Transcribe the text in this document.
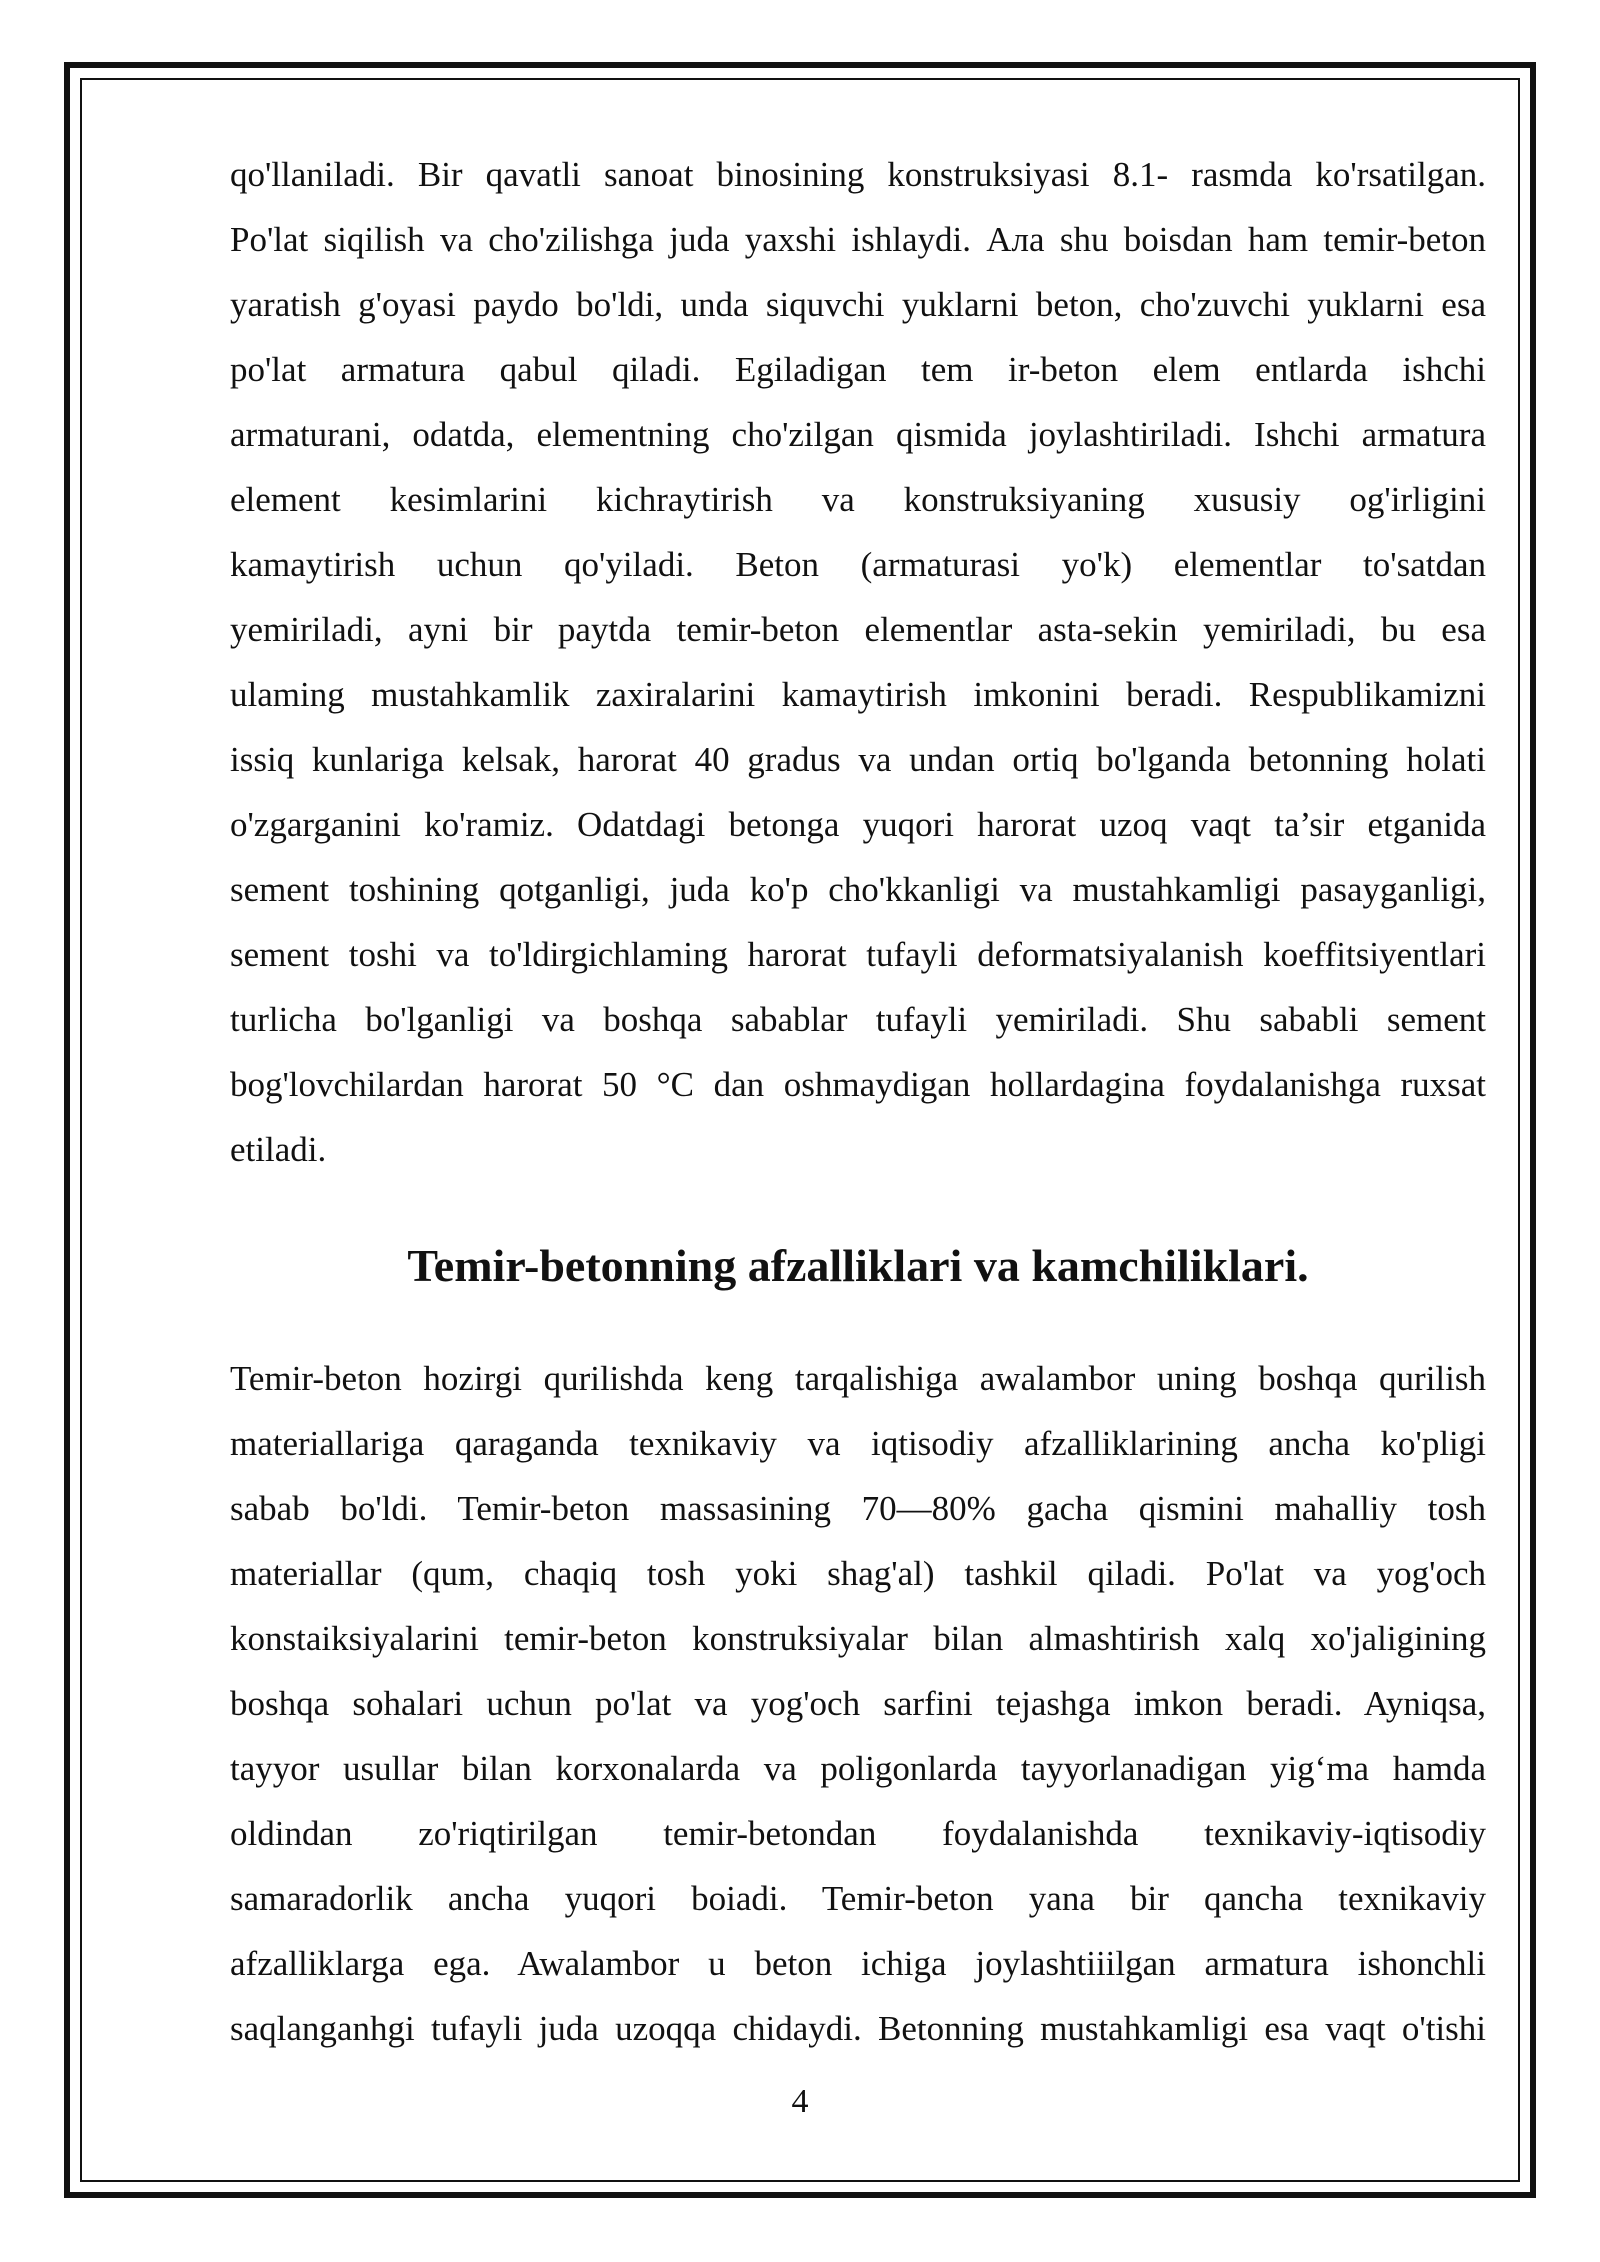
qo'llaniladi. Bir qavatli sanoat binosining konstruksiyasi 8.1- rasmda ko'rsatilgan.
Po'lat siqilish va cho'zilishga juda yaxshi ishlaydi. Ала shu boisdan ham temir-beton
yaratish g'oyasi paydo bo'ldi, unda siquvchi yuklarni beton, cho'zuvchi yuklarni esa
po'lat armatura qabul qiladi. Egiladigan tem ir-beton elem entlarda ishchi
armaturani, odatda, elementning cho'zilgan qismida joylashtiriladi. Ishchi armatura
element kesimlarini kichraytirish va konstruksiyaning xususiy og'irligini
kamaytirish uchun qo'yiladi. Beton (armaturasi yo'k) elementlar to'satdan
yemiriladi, ayni bir paytda temir-beton elementlar asta-sekin yemiriladi, bu esa
ulaming mustahkamlik zaxiralarini kamaytirish imkonini beradi. Respublikamizni
issiq kunlariga kelsak, harorat 40 gradus va undan ortiq bo'lganda betonning holati
o'zgarganini ko'ramiz. Odatdagi betonga yuqori harorat uzoq vaqt ta’sir etganida
sement toshining qotganligi, juda ko'p cho'kkanligi va mustahkamligi pasayganligi,
sement toshi va to'ldirgichlaming harorat tufayli deformatsiyalanish koeffitsiyentlari
turlicha bo'lganligi va boshqa sabablar tufayli yemiriladi. Shu sababli sement
bog'lovchilardan harorat 50 °C dan oshmaydigan hollardagina foydalanishga ruxsat
etiladi.
Temir-betonning afzalliklari va kamchiliklari.
Temir-beton hozirgi qurilishda keng tarqalishiga awalambor uning boshqa qurilish
materiallariga qaraganda texnikaviy va iqtisodiy afzalliklarining ancha ko'pligi
sabab bo'ldi. Temir-beton massasining 70—80% gacha qismini mahalliy tosh
materiallar (qum, chaqiq tosh yoki shag'al) tashkil qiladi. Po'lat va yog'och
konstaiksiyalarini temir-beton konstruksiyalar bilan almashtirish xalq xo'jaligining
boshqa sohalari uchun po'lat va yog'och sarfini tejashga imkon beradi. Ayniqsa,
tayyor usullar bilan korxonalarda va poligonlarda tayyorlanadigan yig‘ma hamda
oldindan zo'riqtirilgan temir-betondan foydalanishda texnikaviy-iqtisodiy
samaradorlik ancha yuqori boiadi. Temir-beton yana bir qancha texnikaviy
afzalliklarga ega. Awalambor u beton ichiga joylashtiiilgan armatura ishonchli
saqlanganhgi tufayli juda uzoqqa chidaydi. Betonning mustahkamligi esa vaqt o'tishi
4
